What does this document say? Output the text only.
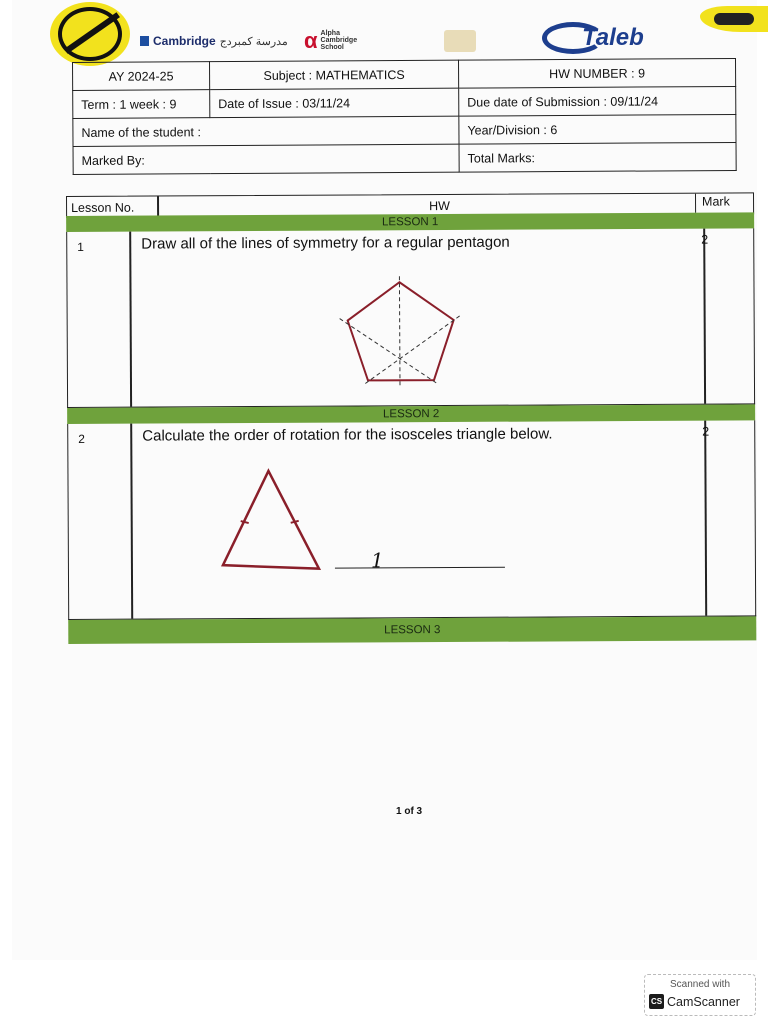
Cambridge مدرسة كمبردج α Alpha
Cambridge
School	Taleb
AY 2024-25	Subject : MATHEMATICS	HW NUMBER : 9
Term : 1 week : 9	Date of Issue : 03/11/24	Due date of Submission : 09/11/24
Name of the student :		Year/Division : 6
Marked By:		Total Marks:
Lesson No.	HW	Mark
LESSON 1
1	Draw all of the lines of symmetry for a regular pentagon	2
LESSON 2
2	Calculate the order of rotation for the isosceles triangle below.	2
1
LESSON 3
1 of 3
Scanned with
CS CamScanner
